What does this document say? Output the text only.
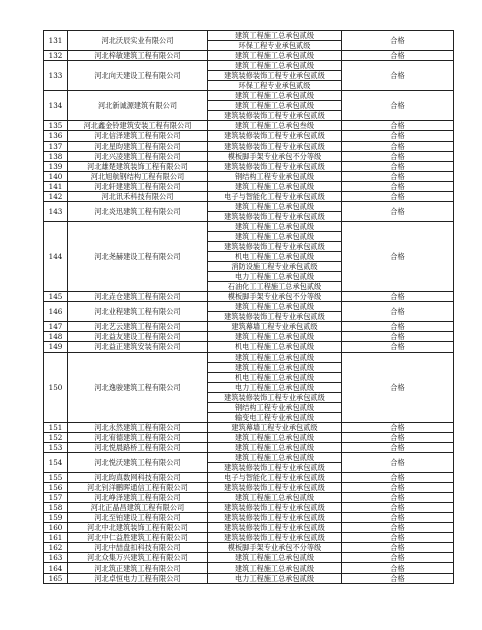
131	河北沃辰实业有限公司	建筑工程施工总承包贰级	合格
		环保工程专业承包贰级	
132	河北梓敏建筑工程有限公司	建筑工程施工总承包贰级	合格
133	河北向天建设工程有限公司	建筑工程施工总承包贰级	合格
		建筑装修装饰工程专业承包贰级	
		环保工程专业承包贰级	
134	河北新诚源建筑有限公司	建筑工程施工总承包贰级	合格
		建筑工程施工总承包贰级	
		建筑装修装饰工程专业承包贰级	
135	河北鑫金铃建筑安装工程有限公司	建筑工程施工总承包叁级	合格
136	河北信泽建筑工程有限公司	建筑装修装饰工程专业承包贰级	合格
137	河北星昀建筑工程有限公司	建筑装修装饰工程专业承包贰级	合格
138	河北兴凌建筑工程有限公司	模板脚手架专业承包不分等级	合格
139	河北雄楚建筑装饰工程有限公司	建筑装修装饰工程专业承包贰级	合格
140	河北旭航钢结构工程有限公司	钢结构工程专业承包贰级	合格
141	河北轩建建筑工程有限公司	建筑工程施工总承包贰级	合格
142	河北讯禾科技有限公司	电子与智能化工程专业承包贰级	合格
143	河北炎迅建筑工程有限公司	建筑工程施工总承包贰级	合格
		建筑装修装饰工程专业承包贰级	
144	河北尧赫建设工程有限公司	建筑工程施工总承包贰级	合格
		建筑工程施工总承包贰级	
		建筑装修装饰工程专业承包贰级	
		机电工程施工总承包贰级	
		消防设施工程专业承包贰级	
		电力工程施工总承包贰级	
		石油化工工程施工总承包贰级	
145	河北垚仓建筑工程有限公司	模板脚手架专业承包不分等级	合格
146	河北业程建筑工程有限公司	建筑工程施工总承包贰级	合格
		建筑装修装饰工程专业承包贰级	
147	河北艺云建筑工程有限公司	建筑幕墙工程专业承包贰级	合格
148	河北益友建设工程有限公司	建筑工程施工总承包贰级	合格
149	河北益正建筑安装有限公司	机电工程施工总承包贰级	合格
150	河北逸骏建筑工程有限公司	建筑工程施工总承包贰级	合格
		建筑工程施工总承包贰级	
		机电工程施工总承包贰级	
		电力工程施工总承包贰级	
		建筑装修装饰工程专业承包贰级	
		钢结构工程专业承包贰级	
		输变电工程专业承包贰级	
151	河北永然建筑工程有限公司	建筑幕墙工程专业承包贰级	合格
152	河北宥德建筑工程有限公司	建筑工程施工总承包贰级	合格
153	河北悦晨路桥工程有限公司	建筑工程施工总承包贰级	合格
154	河北悦沃建筑工程有限公司	建筑工程施工总承包贰级	合格
		建筑装修装饰工程专业承包贰级	
155	河北昀真数网科技有限公司	电子与智能化工程专业承包贰级	合格
156	河北钊洋鹏晖通信工程有限公司	建筑装修装饰工程专业承包贰级	合格
157	河北峥泽建筑工程有限公司	建筑工程施工总承包贰级	合格
158	河北正晶昌建筑工程有限公司	建筑装修装饰工程专业承包贰级	合格
159	河北至铂建设工程有限公司	建筑装修装饰工程专业承包贰级	合格
160	河北中北建筑装饰工程有限公司	建筑装修装饰工程专业承包贰级	合格
161	河北中仁益胜建筑工程有限公司	建筑装修装饰工程专业承包贰级	合格
162	河北中喆盘扣科技有限公司	模板脚手架专业承包不分等级	合格
163	河北众集万兴建筑工程有限公司	建筑工程施工总承包贰级	合格
164	河北筑正建筑工程有限公司	建筑工程施工总承包贰级	合格
165	河北卓恒电力工程有限公司	电力工程施工总承包贰级	合格
